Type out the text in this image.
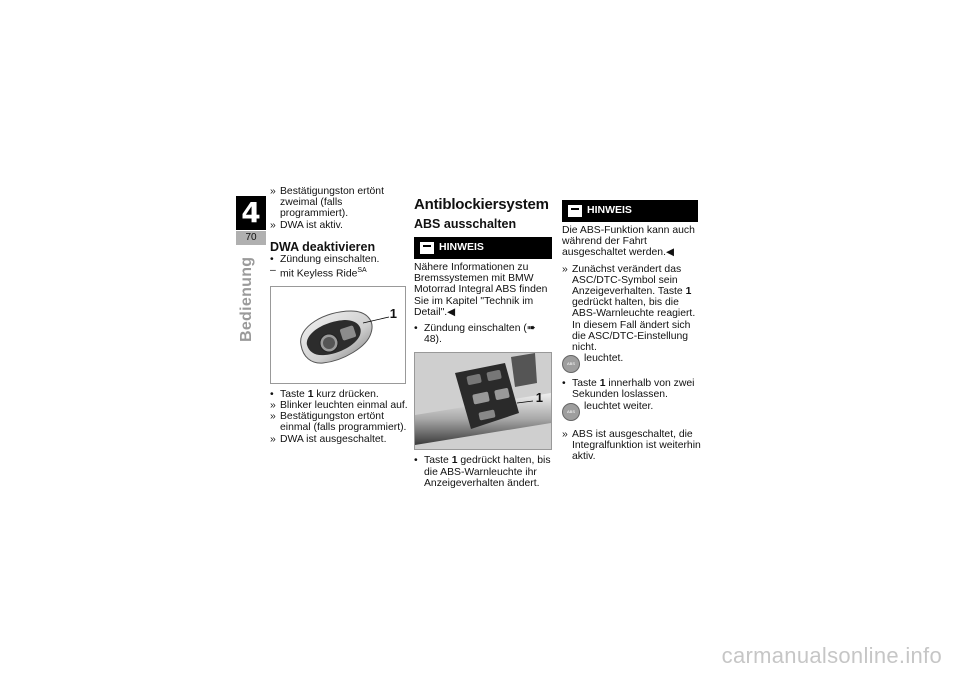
4
70
Bedienung
» Bestätigungston ertönt zweimal (falls programmiert).
» DWA ist aktiv.
DWA deaktivieren
• Zündung einschalten.
– mit Keyless Ride$^{SA}$
1
• Taste 1 kurz drücken.
» Blinker leuchten einmal auf.
» Bestätigungston ertönt einmal (falls programmiert).
» DWA ist ausgeschaltet.
Antiblockiersystem
ABS ausschalten
HINWEIS

Nähere Informationen zu Bremssystemen mit BMW Motorrad Integral ABS finden Sie im Kapitel "Technik im Detail".◀

• Zündung einschalten (➠ 48).
1
• Taste 1 gedrückt halten, bis die ABS-Warnleuchte ihr Anzeigeverhalten ändert.
HINWEIS

Die ABS-Funktion kann auch während der Fahrt ausgeschaltet werden.◀

» Zunächst verändert das ASC/DTC-Symbol sein Anzeigeverhalten. Taste 1 gedrückt halten, bis die ABS-Warnleuchte reagiert. In diesem Fall ändert sich die ASC/DTC-Einstellung nicht.
ABS leuchtet.
• Taste 1 innerhalb von zwei Sekunden loslassen.
ABS leuchtet weiter.
» ABS ist ausgeschaltet, die Integralfunktion ist weiterhin aktiv.
carmanualsonline.info
